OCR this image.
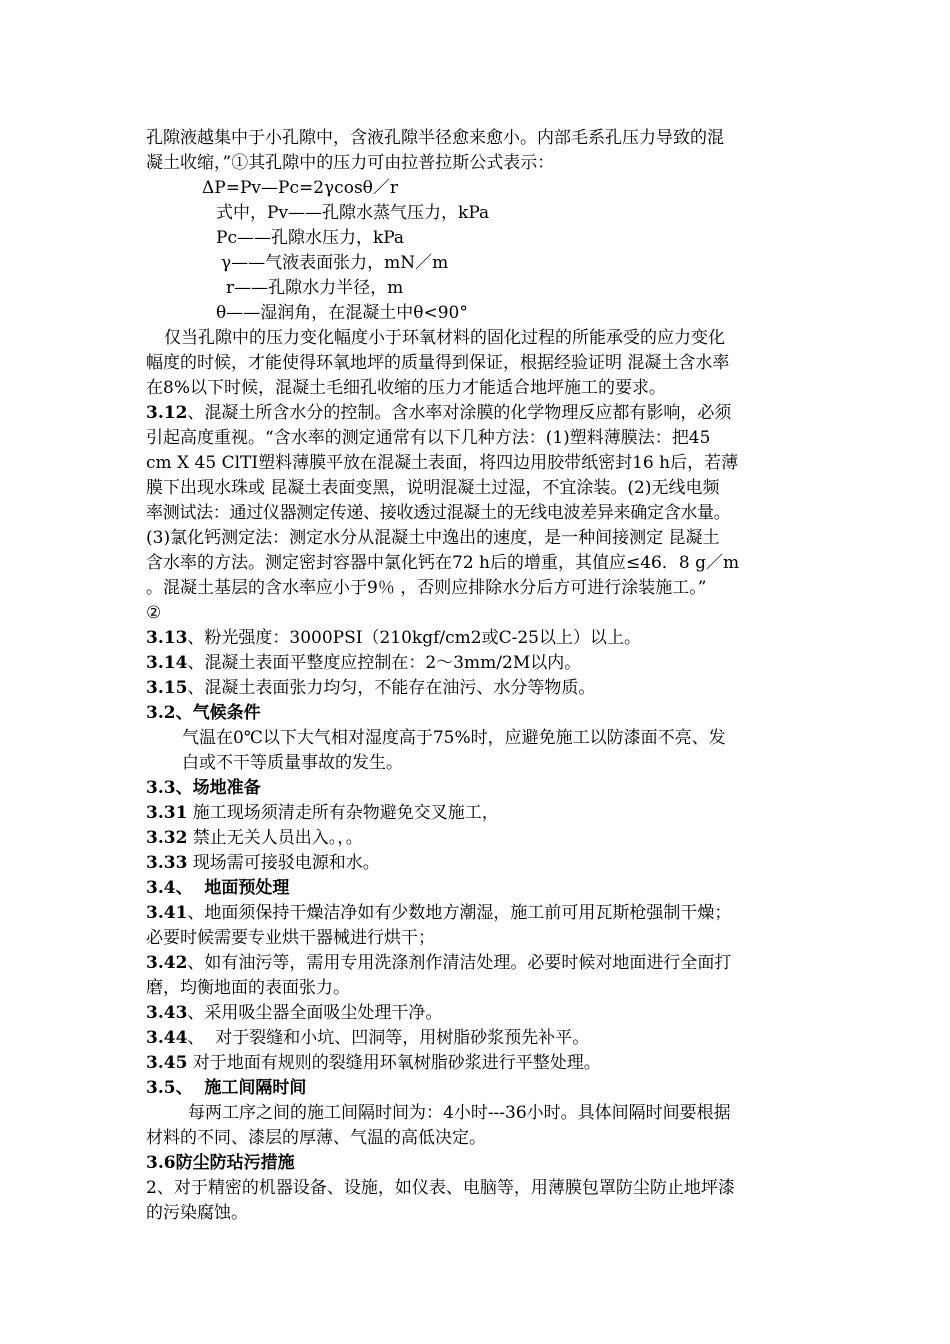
孔隙液越集中于小孔隙中，含液孔隙半径愈来愈小。内部毛系孔压力导致的混
凝土收缩，”①其孔隙中的压力可由拉普拉斯公式表示：
ΔP=Pv—Pc=2γcosθ／r
式中，Pv——孔隙水蒸气压力，kPa
Pc——孔隙水压力，kPa
γ——气液表面张力，mN／m
r——孔隙水力半径，m
θ——湿润角，在混凝土中θ<90°
仅当孔隙中的压力变化幅度小于环氧材料的固化过程的所能承受的应力变化
幅度的时候，才能使得环氧地坪的质量得到保证，根据经验证明 混凝土含水率
在8%以下时候，混凝土毛细孔收缩的压力才能适合地坪施工的要求。
3.12、混凝土所含水分的控制。含水率对涂膜的化学物理反应都有影响，必须
引起高度重视。“含水率的测定通常有以下几种方法：(1)塑料薄膜法：把45
cm X 45 ClTI塑料薄膜平放在混凝土表面，将四边用胶带纸密封16 h后，若薄
膜下出现水珠或 昆凝土表面变黑，说明混凝土过湿，不宜涂装。(2)无线电频
率测试法：通过仪器测定传递、接收透过混凝土的无线电波差异来确定含水量。
(3)氯化钙测定法：测定水分从混凝土中逸出的速度，是一种间接测定 昆凝土
含水率的方法。测定密封容器中氯化钙在72 h后的增重，其值应≤46．8 g／m
。混凝土基层的含水率应小于9％ ，否则应排除水分后方可进行涂装施工。”
②
3.13、粉光强度：3000PSI（210kgf/cm2或C-25以上）以上。
3.14、混凝土表面平整度应控制在：2～3mm/2M以内。
3.15、混凝土表面张力均匀，不能存在油污、水分等物质。
3.2、气候条件
气温在0℃以下大气相对湿度高于75%时，应避免施工以防漆面不亮、发
白或不干等质量事故的发生。
3.3、场地准备
3.31 施工现场须清走所有杂物避免交叉施工，
3.32 禁止无关人员出入。，。
3.33 现场需可接驳电源和水。
3.4、  地面预处理
3.41、地面须保持干燥洁净如有少数地方潮湿，施工前可用瓦斯枪强制干燥；
必要时候需要专业烘干器械进行烘干；
3.42、如有油污等，需用专用洗涤剂作清洁处理。必要时候对地面进行全面打
磨，均衡地面的表面张力。
3.43、采用吸尘器全面吸尘处理干净。
3.44、  对于裂缝和小坑、凹洞等，用树脂砂浆预先补平。
3.45 对于地面有规则的裂缝用环氧树脂砂浆进行平整处理。
3.5、  施工间隔时间
每两工序之间的施工间隔时间为：4小时---36小时。具体间隔时间要根据
材料的不同、漆层的厚薄、气温的高低决定。
3.6防尘防玷污措施
2、对于精密的机器设备、设施，如仪表、电脑等，用薄膜包罩防尘防止地坪漆
的污染腐蚀。
